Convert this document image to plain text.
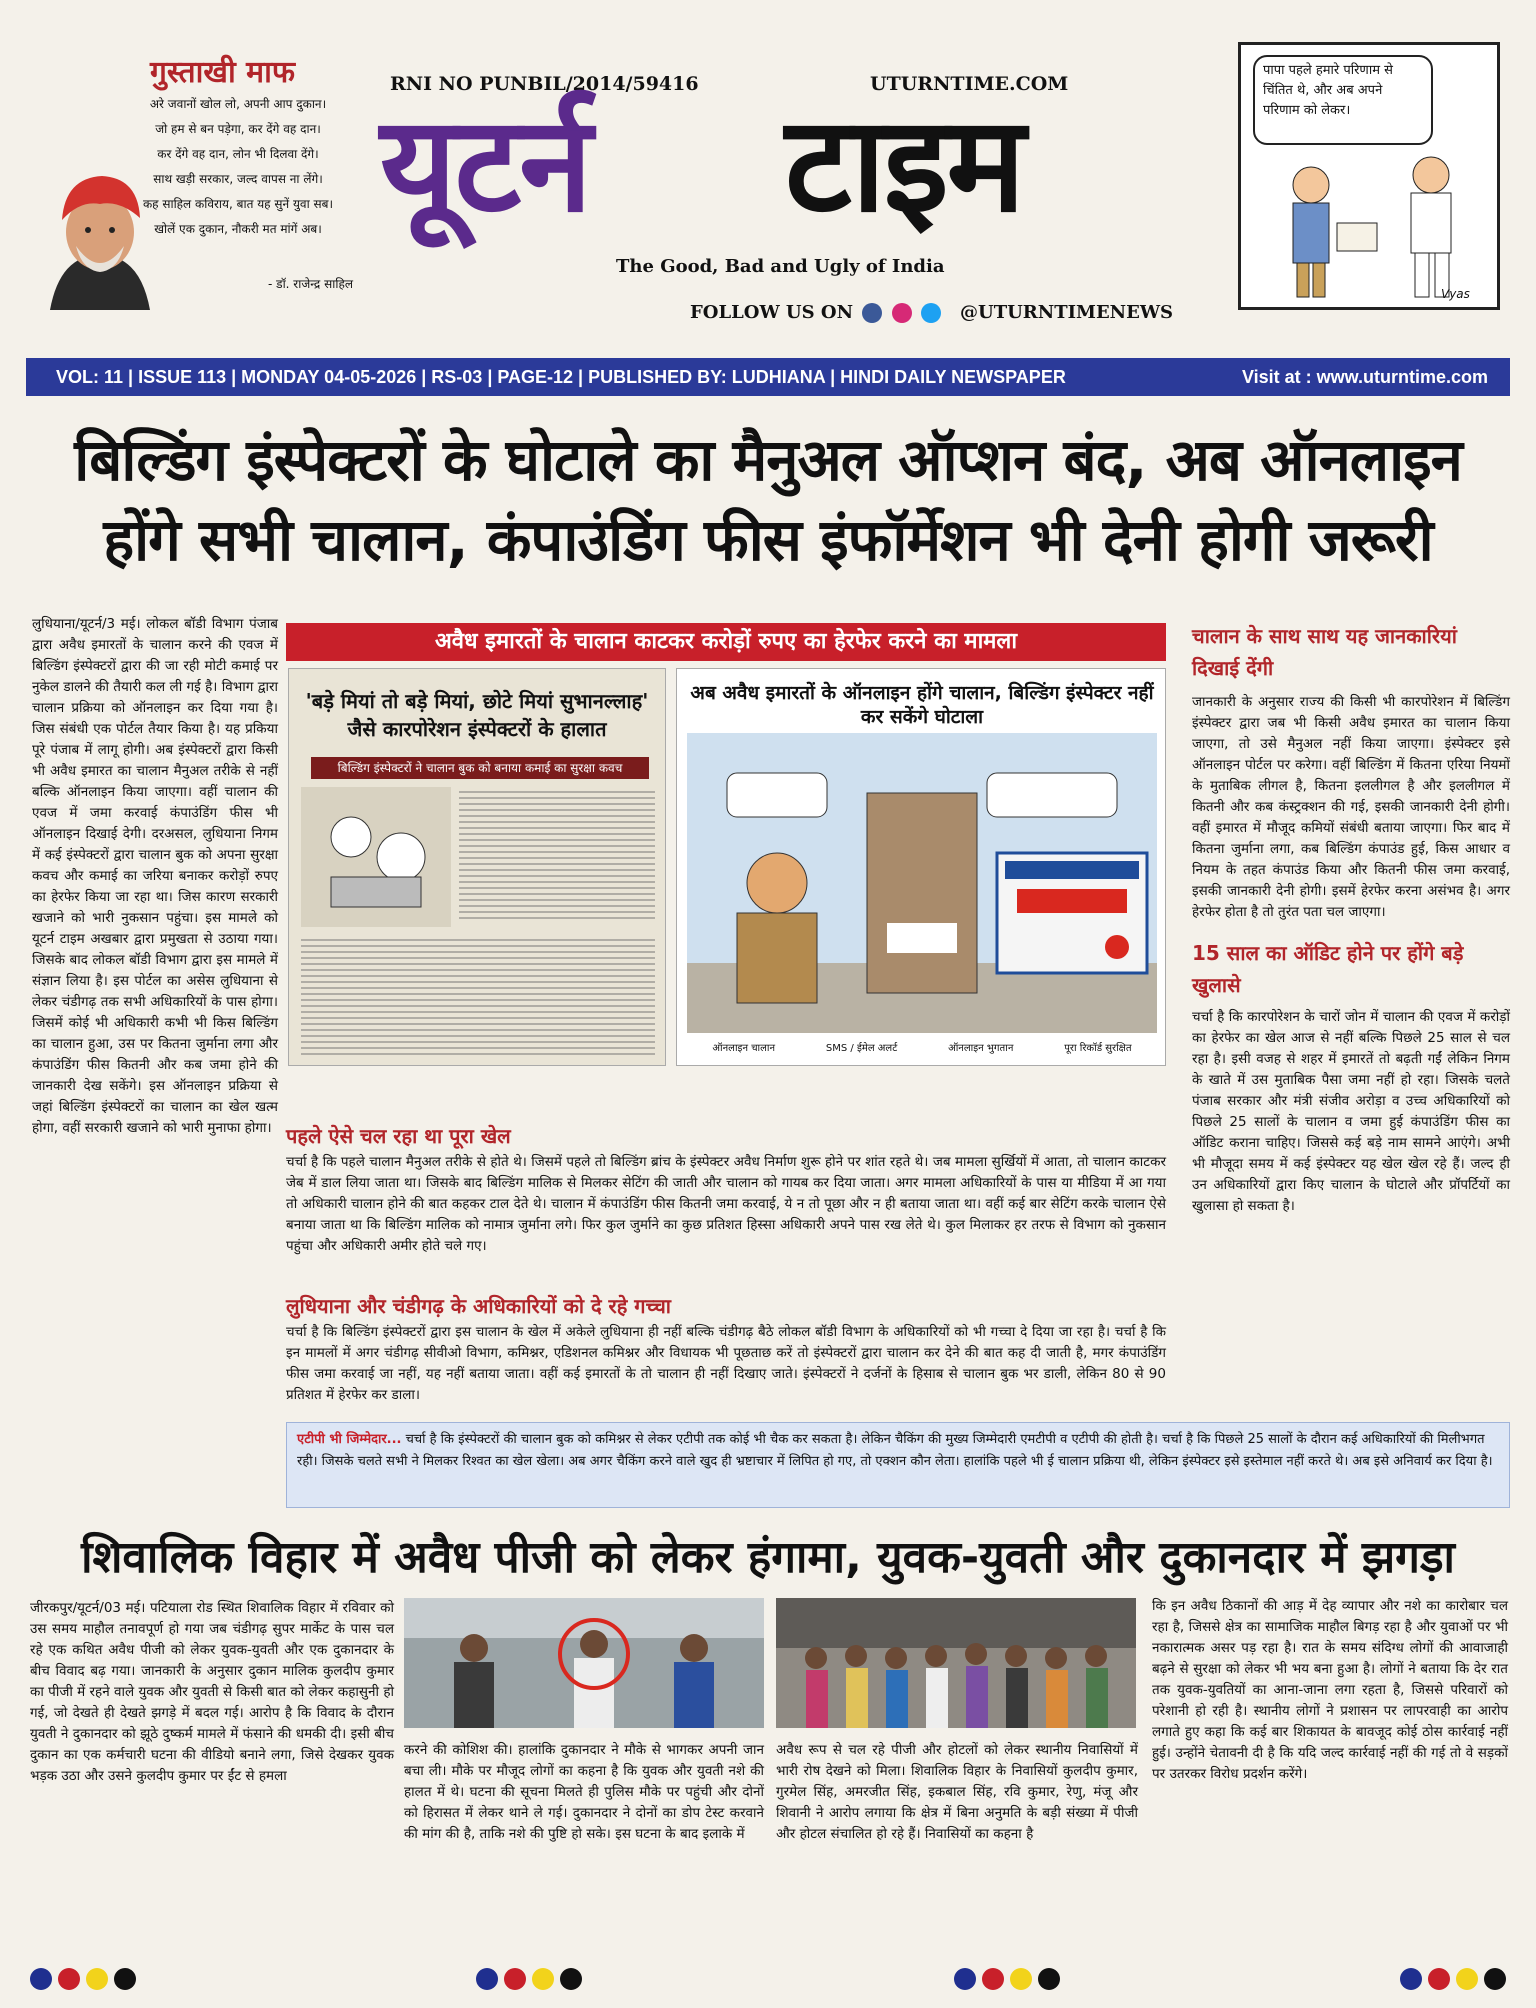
गुस्ताखी माफ
अरे जवानों खोल लो, अपनी आप दुकान।
जो हम से बन पड़ेगा, कर देंगे वह दान।
कर देंगे वह दान, लोन भी दिलवा देंगे।
साथ खड़ी सरकार, जल्द वापस ना लेंगे।
कह साहिल कविराय, बात यह सुनें युवा सब।
खोलें एक दुकान, नौकरी मत मांगें अब।
- डॉ. राजेन्द्र साहिल
RNI NO PUNBIL/2014/59416	UTURNTIME.COM
यूटर्न टाइम
The Good, Bad and Ugly of India
FOLLOW US ON	@UTURNTIMENEWS
पापा पहले हमारे परिणाम से चिंतित थे, और अब अपने परिणाम को लेकर।
Vyas
VOL: 11 | ISSUE 113 | MONDAY 04-05-2026 | RS-03 | PAGE-12 | PUBLISHED BY: LUDHIANA | HINDI DAILY NEWSPAPER	Visit at : www.uturntime.com
बिल्डिंग इंस्पेक्टरों के घोटाले का मैनुअल ऑप्शन बंद, अब ऑनलाइन होंगे सभी चालान, कंपाउंडिंग फीस इंफॉर्मेशन भी देनी होगी जरूरी
लुधियाना/यूटर्न/3 मई। लोकल बॉडी विभाग पंजाब द्वारा अवैध इमारतों के चालान करने की एवज में बिल्डिंग इंस्पेक्टरों द्वारा की जा रही मोटी कमाई पर नुकेल डालने की तैयारी कल ली गई है। विभाग द्वारा चालान प्रक्रिया को ऑनलाइन कर दिया गया है। जिस संबंधी एक पोर्टल तैयार किया है। यह प्रकिया पूरे पंजाब में लागू होगी। अब इंस्पेक्टरों द्वारा किसी भी अवैध इमारत का चालान मैनुअल तरीके से नहीं बल्कि ऑनलाइन किया जाएगा। वहीं चालान की एवज में जमा करवाई कंपाउंडिंग फीस भी ऑनलाइन दिखाई देगी। दरअसल, लुधियाना निगम में कई इंस्पेक्टरों द्वारा चालान बुक को अपना सुरक्षा कवच और कमाई का जरिया बनाकर करोड़ों रुपए का हेरफेर किया जा रहा था। जिस कारण सरकारी खजाने को भारी नुकसान पहुंचा। इस मामले को यूटर्न टाइम अखबार द्वारा प्रमुखता से उठाया गया। जिसके बाद लोकल बॉडी विभाग द्वारा इस मामले में संज्ञान लिया है। इस पोर्टल का असेस लुधियाना से लेकर चंडीगढ़ तक सभी अधिकारियों के पास होगा। जिसमें कोई भी अधिकारी कभी भी किस बिल्डिंग का चालान हुआ, उस पर कितना जुर्माना लगा और कंपाउंडिंग फीस कितनी और कब जमा होने की जानकारी देख सकेंगे। इस ऑनलाइन प्रक्रिया से जहां बिल्डिंग इंस्पेक्टरों का चालान का खेल खत्म होगा, वहीं सरकारी खजाने को भारी मुनाफा होगा।
अवैध इमारतों के चालान काटकर करोड़ों रुपए का हेरफेर करने का मामला
'बड़े मियां तो बड़े मियां, छोटे मियां सुभानल्लाह' जैसे कारपोरेशन इंस्पेक्टरों के हालात
बिल्डिंग इंस्पेक्टरों ने चालान बुक को बनाया कमाई का सुरक्षा कवच
अब अवैध इमारतों के ऑनलाइन होंगे चालान, बिल्डिंग इंस्पेक्टर नहीं कर सकेंगे घोटाला
ऑनलाइन चालान	SMS / ईमेल अलर्ट	ऑनलाइन भुगतान	पूरा रिकॉर्ड सुरक्षित
पहले ऐसे चल रहा था पूरा खेल
चर्चा है कि पहले चालान मैनुअल तरीके से होते थे। जिसमें पहले तो बिल्डिंग ब्रांच के इंस्पेक्टर अवैध निर्माण शुरू होने पर शांत रहते थे। जब मामला सुर्खियों में आता, तो चालान काटकर जेब में डाल लिया जाता था। जिसके बाद बिल्डिंग मालिक से मिलकर सेटिंग की जाती और चालान को गायब कर दिया जाता। अगर मामला अधिकारियों के पास या मीडिया में आ गया तो अधिकारी चालान होने की बात कहकर टाल देते थे। चालान में कंपाउंडिंग फीस कितनी जमा करवाई, ये न तो पूछा और न ही बताया जाता था। वहीं कई बार सेटिंग करके चालान ऐसे बनाया जाता था कि बिल्डिंग मालिक को नामात्र जुर्माना लगे। फिर कुल जुर्माने का कुछ प्रतिशत हिस्सा अधिकारी अपने पास रख लेते थे। कुल मिलाकर हर तरफ से विभाग को नुकसान पहुंचा और अधिकारी अमीर होते चले गए।
लुधियाना और चंडीगढ़ के अधिकारियों को दे रहे गच्चा
चर्चा है कि बिल्डिंग इंस्पेक्टरों द्वारा इस चालान के खेल में अकेले लुधियाना ही नहीं बल्कि चंडीगढ़ बैठे लोकल बॉडी विभाग के अधिकारियों को भी गच्चा दे दिया जा रहा है। चर्चा है कि इन मामलों में अगर चंडीगढ़ सीवीओ विभाग, कमिश्नर, एडिशनल कमिश्नर और विधायक भी पूछताछ करें तो इंस्पेक्टरों द्वारा चालान कर देने की बात कह दी जाती है, मगर कंपाउंडिंग फीस जमा करवाई जा नहीं, यह नहीं बताया जाता। वहीं कई इमारतों के तो चालान ही नहीं दिखाए जाते। इंस्पेक्टरों ने दर्जनों के हिसाब से चालान बुक भर डाली, लेकिन 80 से 90 प्रतिशत में हेरफेर कर डाला।
चालान के साथ साथ यह जानकारियां दिखाई देंगी
जानकारी के अनुसार राज्य की किसी भी कारपोरेशन में बिल्डिंग इंस्पेक्टर द्वारा जब भी किसी अवैध इमारत का चालान किया जाएगा, तो उसे मैनुअल नहीं किया जाएगा। इंस्पेक्टर इसे ऑनलाइन पोर्टल पर करेगा। वहीं बिल्डिंग में कितना एरिया नियमों के मुताबिक लीगल है, कितना इललीगल है और इललीगल में कितनी और कब कंस्ट्रक्शन की गई, इसकी जानकारी देनी होगी। वहीं इमारत में मौजूद कमियों संबंधी बताया जाएगा। फिर बाद में कितना जुर्माना लगा, कब बिल्डिंग कंपाउंड हुई, किस आधार व नियम के तहत कंपाउंड किया और कितनी फीस जमा करवाई, इसकी जानकारी देनी होगी। इसमें हेरफेर करना असंभव है। अगर हेरफेर होता है तो तुरंत पता चल जाएगा।
15 साल का ऑडिट होने पर होंगे बड़े खुलासे
चर्चा है कि कारपोरेशन के चारों जोन में चालान की एवज में करोड़ों का हेरफेर का खेल आज से नहीं बल्कि पिछले 25 साल से चल रहा है। इसी वजह से शहर में इमारतें तो बढ़ती गईं लेकिन निगम के खाते में उस मुताबिक पैसा जमा नहीं हो रहा। जिसके चलते पंजाब सरकार और मंत्री संजीव अरोड़ा व उच्च अधिकारियों को पिछले 25 सालों के चालान व जमा हुई कंपाउंडिंग फीस का ऑडिट कराना चाहिए। जिससे कई बड़े नाम सामने आएंगे। अभी भी मौजूदा समय में कई इंस्पेक्टर यह खेल खेल रहे हैं। जल्द ही उन अधिकारियों द्वारा किए चालान के घोटाले और प्रॉपर्टियों का खुलासा हो सकता है।
एटीपी भी जिम्मेदार... चर्चा है कि इंस्पेक्टरों की चालान बुक को कमिश्नर से लेकर एटीपी तक कोई भी चैक कर सकता है। लेकिन चैकिंग की मुख्य जिम्मेदारी एमटीपी व एटीपी की होती है। चर्चा है कि पिछले 25 सालों के दौरान कई अधिकारियों की मिलीभगत रही। जिसके चलते सभी ने मिलकर रिश्वत का खेल खेला। अब अगर चैकिंग करने वाले खुद ही भ्रष्टाचार में लिपित हो गए, तो एक्शन कौन लेता। हालांकि पहले भी ई चालान प्रक्रिया थी, लेकिन इंस्पेक्टर इसे इस्तेमाल नहीं करते थे। अब इसे अनिवार्य कर दिया है।
शिवालिक विहार में अवैध पीजी को लेकर हंगामा, युवक-युवती और दुकानदार में झगड़ा
जीरकपुर/यूटर्न/03 मई। पटियाला रोड स्थित शिवालिक विहार में रविवार को उस समय माहौल तनावपूर्ण हो गया जब चंडीगढ़ सुपर मार्केट के पास चल रहे एक कथित अवैध पीजी को लेकर युवक-युवती और एक दुकानदार के बीच विवाद बढ़ गया। जानकारी के अनुसार दुकान मालिक कुलदीप कुमार का पीजी में रहने वाले युवक और युवती से किसी बात को लेकर कहासुनी हो गई, जो देखते ही देखते झगड़े में बदल गई। आरोप है कि विवाद के दौरान युवती ने दुकानदार को झूठे दुष्कर्म मामले में फंसाने की धमकी दी। इसी बीच दुकान का एक कर्मचारी घटना की वीडियो बनाने लगा, जिसे देखकर युवक भड़क उठा और उसने कुलदीप कुमार पर ईंट से हमला
करने की कोशिश की। हालांकि दुकानदार ने मौके से भागकर अपनी जान बचा ली। मौके पर मौजूद लोगों का कहना है कि युवक और युवती नशे की हालत में थे। घटना की सूचना मिलते ही पुलिस मौके पर पहुंची और दोनों को हिरासत में लेकर थाने ले गई। दुकानदार ने दोनों का डोप टेस्ट करवाने की मांग की है, ताकि नशे की पुष्टि हो सके। इस घटना के बाद इलाके में
अवैध रूप से चल रहे पीजी और होटलों को लेकर स्थानीय निवासियों में भारी रोष देखने को मिला। शिवालिक विहार के निवासियों कुलदीप कुमार, गुरमेल सिंह, अमरजीत सिंह, इकबाल सिंह, रवि कुमार, रेणु, मंजू और शिवानी ने आरोप लगाया कि क्षेत्र में बिना अनुमति के बड़ी संख्या में पीजी और होटल संचालित हो रहे हैं। निवासियों का कहना है
कि इन अवैध ठिकानों की आड़ में देह व्यापार और नशे का कारोबार चल रहा है, जिससे क्षेत्र का सामाजिक माहौल बिगड़ रहा है और युवाओं पर भी नकारात्मक असर पड़ रहा है। रात के समय संदिग्ध लोगों की आवाजाही बढ़ने से सुरक्षा को लेकर भी भय बना हुआ है। लोगों ने बताया कि देर रात तक युवक-युवतियों का आना-जाना लगा रहता है, जिससे परिवारों को परेशानी हो रही है। स्थानीय लोगों ने प्रशासन पर लापरवाही का आरोप लगाते हुए कहा कि कई बार शिकायत के बावजूद कोई ठोस कार्रवाई नहीं हुई। उन्होंने चेतावनी दी है कि यदि जल्द कार्रवाई नहीं की गई तो वे सड़कों पर उतरकर विरोध प्रदर्शन करेंगे।
